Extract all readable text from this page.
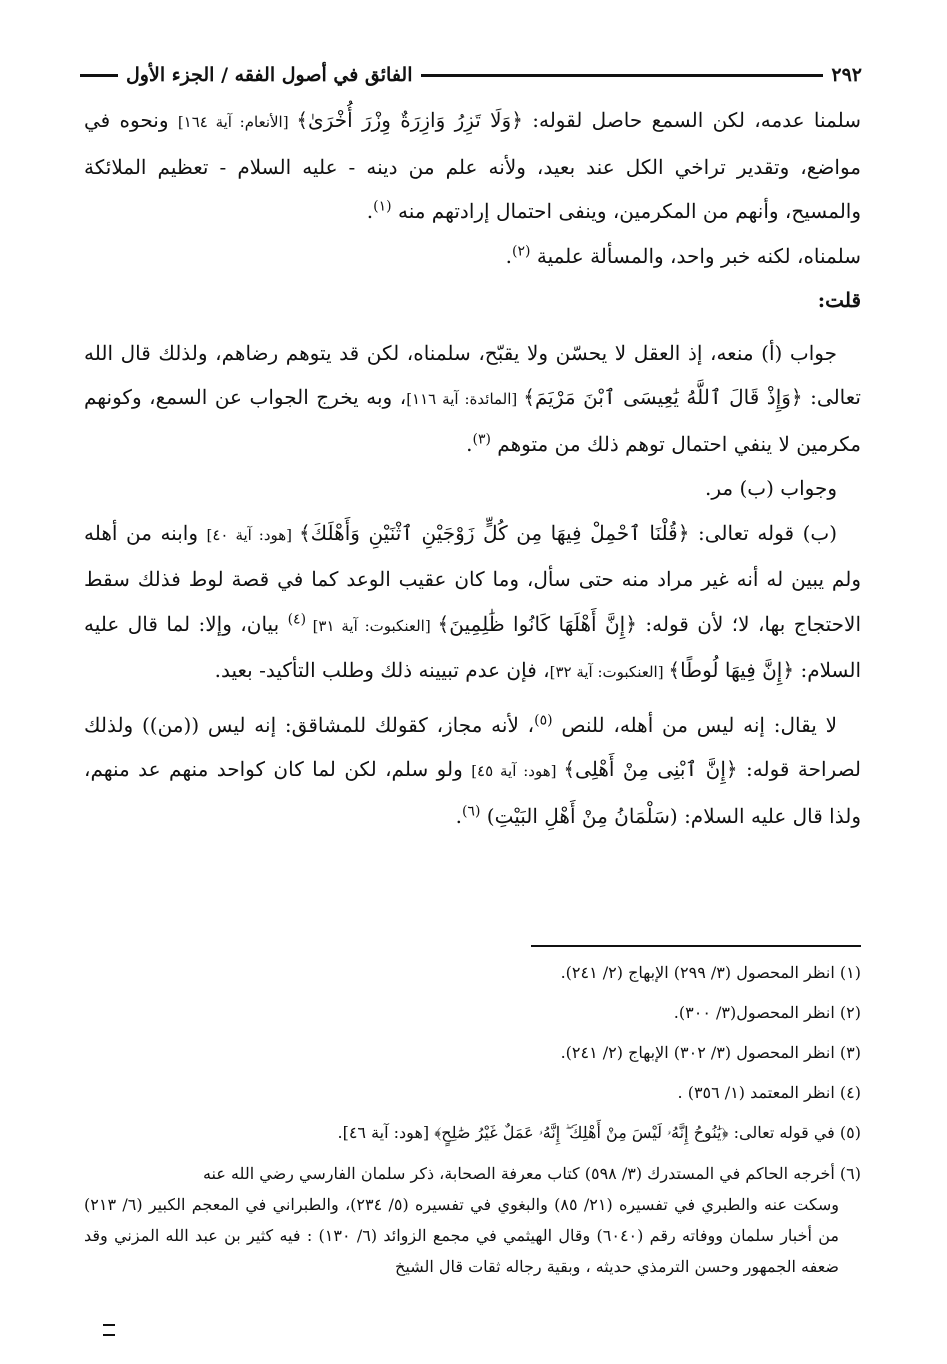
٢٩٢
الفائق في أصول الفقه / الجزء الأول

سلمنا عدمه، لكن السمع حاصل لقوله: ﴿وَلَا تَزِرُ وَازِرَةٌ وِزْرَ أُخْرَىٰ﴾ [الأنعام: آية ١٦٤] ونحوه في مواضع، وتقدير تراخي الكل عند بعيد، ولأنه علم من دينه - عليه السلام - تعظيم الملائكة والمسيح، وأنهم من المكرمين، وينفى احتمال إرادتهم منه $^{(١)}$.

سلمناه، لكنه خبر واحد، والمسألة علمية $^{(٢)}$.

قلت:

جواب (أ) منعه، إذ العقل لا يحسّن ولا يقبّح، سلمناه، لكن قد يتوهم رضاهم، ولذلك قال الله تعالى: ﴿وَإِذْ قَالَ ٱللَّهُ يَٰعِيسَى ٱبْنَ مَرْيَمَ﴾ [المائدة: آية ١١٦]، وبه يخرج الجواب عن السمع، وكونهم مكرمين لا ينفي احتمال توهم ذلك من متوهم $^{(٣)}$.

وجواب (ب) مر.

(ب) قوله تعالى: ﴿قُلْنَا ٱحْمِلْ فِيهَا مِن كُلٍّ زَوْجَيْنِ ٱثْنَيْنِ وَأَهْلَكَ﴾ [هود: آية ٤٠] وابنه من أهله ولم يبين له أنه غير مراد منه حتى سأل، وما كان عقيب الوعد كما في قصة لوط فذلك سقط الاحتجاج بها، لا؛ لأن قوله: ﴿إِنَّ أَهْلَهَا كَانُوا ظَٰلِمِينَ﴾ [العنكبوت: آية ٣١] $^{(٤)}$ بيان، وإلا: لما قال عليه السلام: ﴿إِنَّ فِيهَا لُوطًا﴾ [العنكبوت: آية ٣٢]، فإن عدم تبيينه ذلك وطلب التأكيد- بعيد.

لا يقال: إنه ليس من أهله، للنص $^{(٥)}$، لأنه مجاز، كقولك للمشاقق: إنه ليس ((من)) ولذلك لصراحة قوله: ﴿إِنَّ ٱبْنِى مِنْ أَهْلِى﴾ [هود: آية ٤٥] ولو سلم، لكن لما كان كواحد منهم عد منهم، ولذا قال عليه السلام: (سَلْمَانُ مِنْ أَهْلِ البَيْتِ) $^{(٦)}$.

(١) انظر المحصول (٣/ ٢٩٩) الإبهاج (٢/ ٢٤١).

(٢) انظر المحصول(٣/ ٣٠٠).

(٣) انظر المحصول (٣/ ٣٠٢) الإبهاج (٢/ ٢٤١).

(٤) انظر المعتمد (١/ ٣٥٦) .

(٥) في قوله تعالى: ﴿يَٰنُوحُ إِنَّهُۥ لَيْسَ مِنْ أَهْلِكَ ۖ إِنَّهُۥ عَمَلٌ غَيْرُ صَٰلِحٍ﴾ [هود: آية ٤٦].

(٦) أخرجه الحاكم في المستدرك (٣/ ٥٩٨) كتاب معرفة الصحابة، ذكر سلمان الفارسي رضي الله عنه
وسكت عنه والطبري في تفسيره (٢١/ ٨٥) والبغوي في تفسيره (٥/ ٢٣٤)، والطبراني في المعجم الكبير (٦/ ٢١٣) من أخبار سلمان ووفاته رقم (٦٠٤٠) وقال الهيثمي في مجمع الزوائد (٦/ ١٣٠) : فيه كثير بن عبد الله المزني وقد ضعفه الجمهور وحسن الترمذي حديثه ، وبقية رجاله ثقات قال الشيخ
